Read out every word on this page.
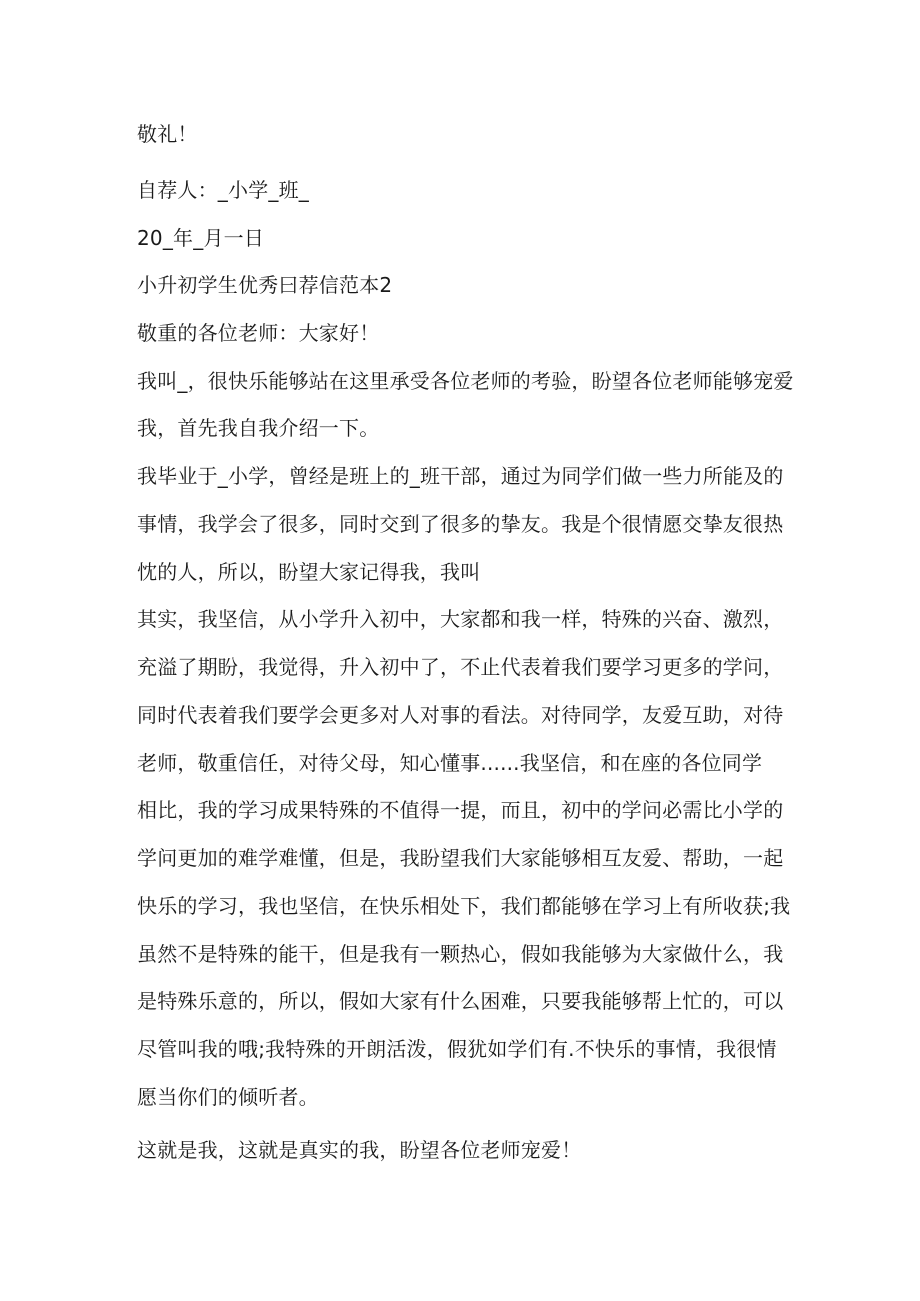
敬礼！
自荐人：_小学_班_
20_年_月一日
小升初学生优秀曰荐信范本2
敬重的各位老师：大家好！
我叫_，很快乐能够站在这里承受各位老师的考验，盼望各位老师能够宠爱
我，首先我自我介绍一下。
我毕业于_小学，曾经是班上的_班干部，通过为同学们做一些力所能及的
事情，我学会了很多，同时交到了很多的挚友。我是个很情愿交挚友很热
忱的人，所以，盼望大家记得我，我叫
其实，我坚信，从小学升入初中，大家都和我一样，特殊的兴奋、激烈，
充溢了期盼，我觉得，升入初中了，不止代表着我们要学习更多的学问，
同时代表着我们要学会更多对人对事的看法。对待同学，友爱互助，对待
老师，敬重信任，对待父母，知心懂事......我坚信，和在座的各位同学
相比，我的学习成果特殊的不值得一提，而且，初中的学问必需比小学的
学问更加的难学难懂，但是，我盼望我们大家能够相互友爱、帮助，一起
快乐的学习，我也坚信，在快乐相处下，我们都能够在学习上有所收获;我
虽然不是特殊的能干，但是我有一颗热心，假如我能够为大家做什么，我
是特殊乐意的，所以，假如大家有什么困难，只要我能够帮上忙的，可以
尽管叫我的哦;我特殊的开朗活泼，假犹如学们有.不快乐的事情，我很情
愿当你们的倾听者。
这就是我，这就是真实的我，盼望各位老师宠爱！
